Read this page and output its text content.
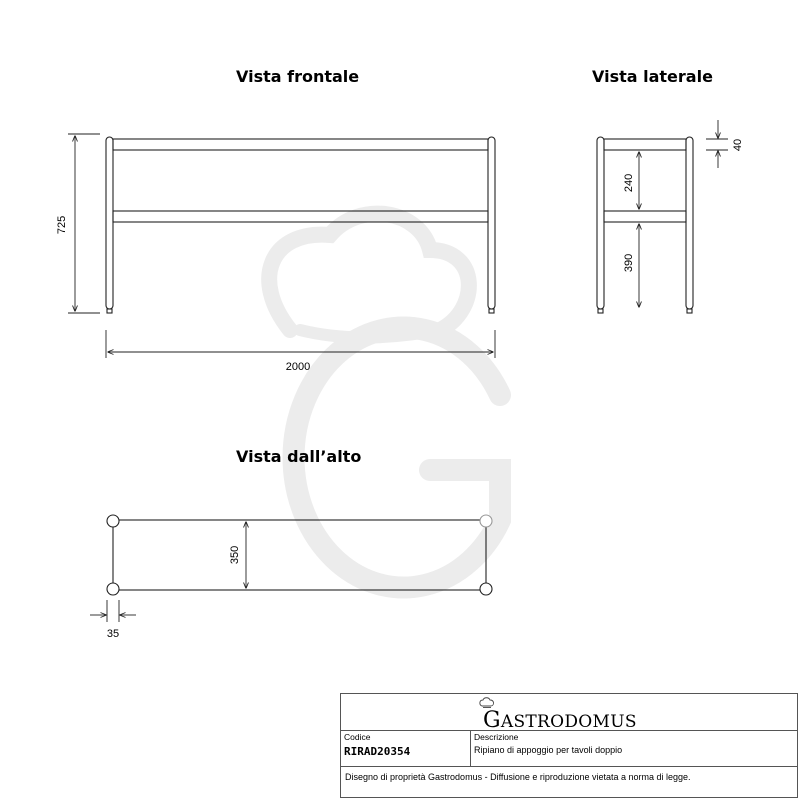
725
2000
240
390
40
350
35
Vista frontale	Vista laterale
Vista dall’alto
GASTRODOMUS
Codice
RIRAD20354
Descrizione
Ripiano di appoggio per tavoli doppio
Disegno di proprietà Gastrodomus - Diffusione e riproduzione vietata a norma di legge.
